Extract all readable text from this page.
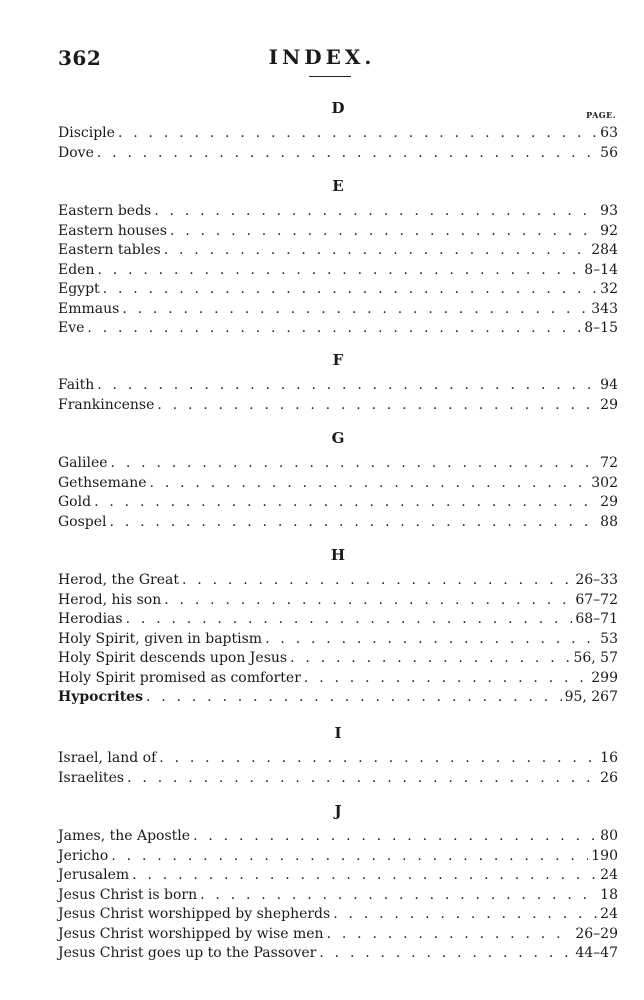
362	INDEX.
PAGE.
D
Disciple . . .	63
Dove . . .	56
E
Eastern beds . . .	93
Eastern houses . . .	92
Eastern tables . . .	284
Eden . . .	8–14
Egypt . . .	32
Emmaus . . .	343
Eve . . .	8–15
F
Faith . . .	94
Frankincense . . .	29
G
Galilee . . .	72
Gethsemane . . .	302
Gold . . .	29
Gospel . . .	88
H
Herod, the Great . . .	26–33
Herod, his son . . .	67–72
Herodias . . .	68–71
Holy Spirit, given in baptism . . .	53
Holy Spirit descends upon Jesus . . .	56, 57
Holy Spirit promised as comforter . . .	299
Hypocrites . . .	95, 267
I
Israel, land of . . .	16
Israelites . . .	26
J
James, the Apostle . . .	80
Jericho . . .	190
Jerusalem . . .	24
Jesus Christ is born . . .	18
Jesus Christ worshipped by shepherds . . .	24
Jesus Christ worshipped by wise men . . .	26–29
Jesus Christ goes up to the Passover . . .	44–47
